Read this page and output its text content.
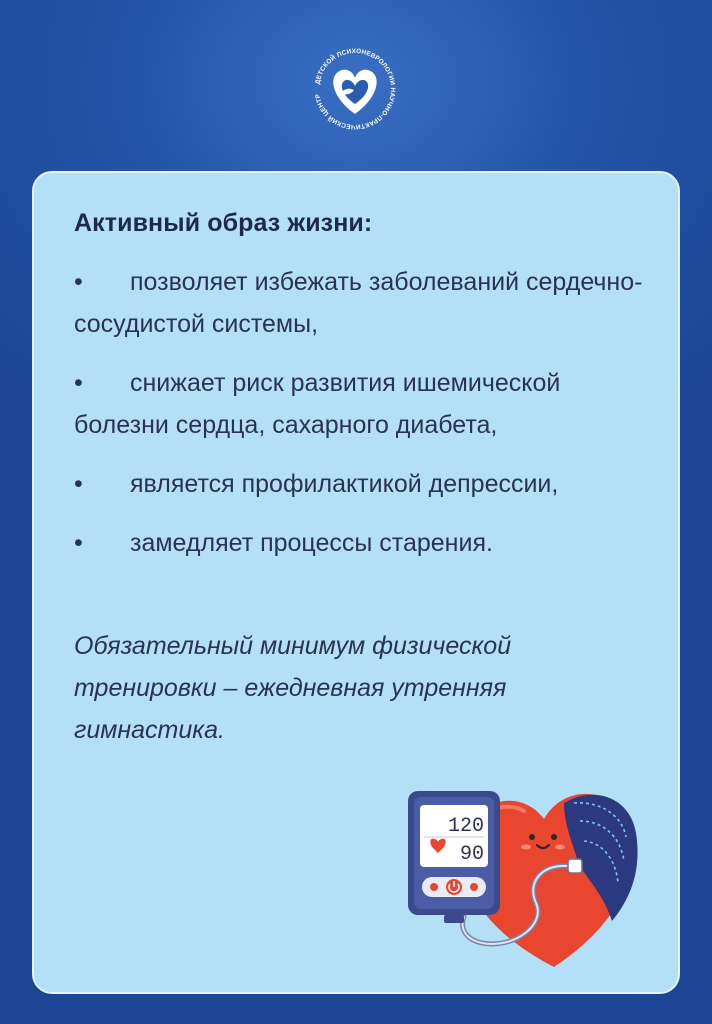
ДЕТСКОЙ ПСИХОНЕВРОЛОГИИ НАУЧНО-ПРАКТИЧЕСКИЙ ЦЕНТР
Активный образ жизни:
•	позволяет избежать заболеваний сердечно-сосудистой системы,
•	снижает риск развития ишемической болезни сердца, сахарного диабета,
•	является профилактикой депрессии,
•	замедляет процессы старения.

Обязательный минимум физической тренировки – ежедневная утренняя гимнастика.

120
90
